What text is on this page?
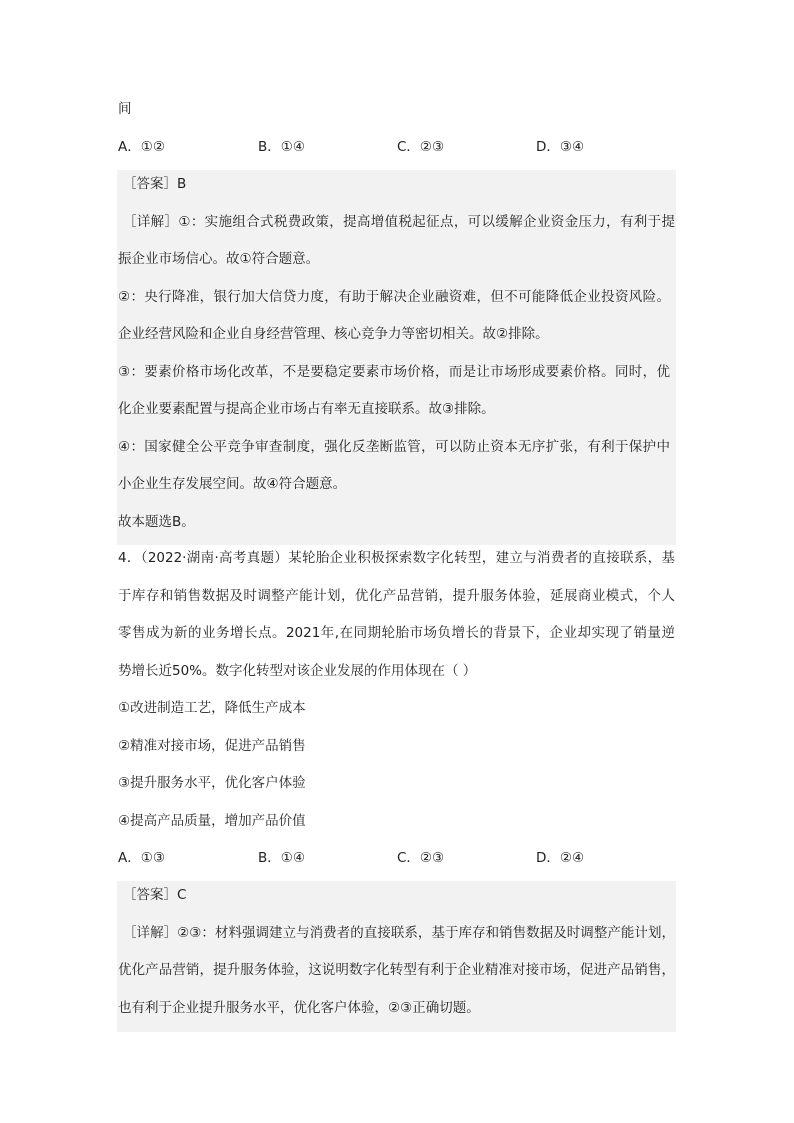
间
A．①②	B．①④	C．②③	D．③④
［答案］B
［详解］①：实施组合式税费政策，提高增值税起征点，可以缓解企业资金压力，有利于提
振企业市场信心。故①符合题意。
②：央行降准，银行加大信贷力度，有助于解决企业融资难，但不可能降低企业投资风险。
企业经营风险和企业自身经营管理、核心竞争力等密切相关。故②排除。
③：要素价格市场化改革，不是要稳定要素市场价格，而是让市场形成要素价格。同时，优
化企业要素配置与提高企业市场占有率无直接联系。故③排除。
④：国家健全公平竞争审查制度，强化反垄断监管，可以防止资本无序扩张，有利于保护中
小企业生存发展空间。故④符合题意。
故本题选B。
4．（2022·湖南·高考真题）某轮胎企业积极探索数字化转型，建立与消费者的直接联系，基
于库存和销售数据及时调整产能计划，优化产品营销，提升服务体验，延展商业模式，个人
零售成为新的业务增长点。2021年,在同期轮胎市场负增长的背景下，企业却实现了销量逆
势增长近50%。数字化转型对该企业发展的作用体现在（ ）
①改进制造工艺，降低生产成本
②精准对接市场，促进产品销售
③提升服务水平，优化客户体验
④提高产品质量，增加产品价值
A．①③	B．①④	C．②③	D．②④
［答案］C
［详解］②③：材料强调建立与消费者的直接联系，基于库存和销售数据及时调整产能计划，
优化产品营销，提升服务体验，这说明数字化转型有利于企业精准对接市场，促进产品销售，
也有利于企业提升服务水平，优化客户体验，②③正确切题。
